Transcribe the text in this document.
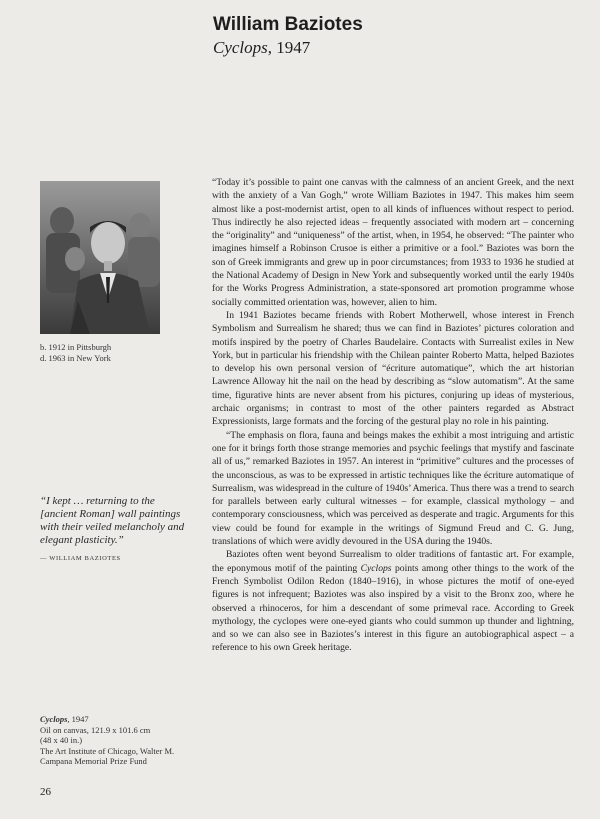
William Baziotes
Cyclops, 1947
b. 1912 in Pittsburgh
d. 1963 in New York
“I kept … returning to the [ancient Roman] wall paintings with their veiled melancholy and elegant plasticity.”
— WILLIAM BAZIOTES
Cyclops, 1947
Oil on canvas, 121.9 x 101.6 cm
(48 x 40 in.)
The Art Institute of Chicago, Walter M. Campana Memorial Prize Fund
26

“Today it’s possible to paint one canvas with the calmness of an ancient Greek, and the next with the anxiety of a Van Gogh,” wrote William Baziotes in 1947. This makes him seem almost like a post-modernist artist, open to all kinds of influences without respect to period. Thus indirectly he also rejected ideas – frequently associated with modern art – concerning the “originality” and “uniqueness” of the artist, when, in 1954, he observed: “The painter who imagines himself a Robinson Crusoe is either a primitive or a fool.” Baziotes was born the son of Greek immigrants and grew up in poor circumstances; from 1933 to 1936 he studied at the National Academy of Design in New York and subsequently worked until the early 1940s for the Works Progress Administration, a state-sponsored art promotion programme whose socially committed orientation was, however, alien to him.

In 1941 Baziotes became friends with Robert Motherwell, whose interest in French Symbolism and Surrealism he shared; thus we can find in Baziotes’ pictures coloration and motifs inspired by the poetry of Charles Baudelaire. Contacts with Surrealist exiles in New York, but in particular his friendship with the Chilean painter Roberto Matta, helped Baziotes to develop his own personal version of “écriture automatique”, which the art historian Lawrence Alloway hit the nail on the head by describing as “slow automatism”. At the same time, figurative hints are never absent from his pictures, conjuring up ideas of mysterious, archaic organisms; in contrast to most of the other painters regarded as Abstract Expressionists, large formats and the forcing of the gestural play no role in his painting.

“The emphasis on flora, fauna and beings makes the exhibit a most intriguing and artistic one for it brings forth those strange memories and psychic feelings that mystify and fascinate all of us,” remarked Baziotes in 1957. An interest in “primitive” cultures and the processes of the unconscious, as was to be expressed in artistic techniques like the écriture automatique of Surrealism, was widespread in the culture of 1940s’ America. Thus there was a trend to search for parallels between early cultural witnesses – for example, classical mythology – and contemporary consciousness, which was perceived as desperate and tragic. Arguments for this view could be found for example in the writings of Sigmund Freud and C. G. Jung, translations of which were avidly devoured in the USA during the 1940s.

Baziotes often went beyond Surrealism to older traditions of fantastic art. For example, the eponymous motif of the painting Cyclops points among other things to the work of the French Symbolist Odilon Redon (1840–1916), in whose pictures the motif of one-eyed figures is not infrequent; Baziotes was also inspired by a visit to the Bronx zoo, where he observed a rhinoceros, for him a descendant of some primeval race. According to Greek mythology, the cyclopes were one-eyed giants who could summon up thunder and lightning, and so we can also see in Baziotes’s interest in this figure an autobiographical aspect – a reference to his own Greek heritage.
